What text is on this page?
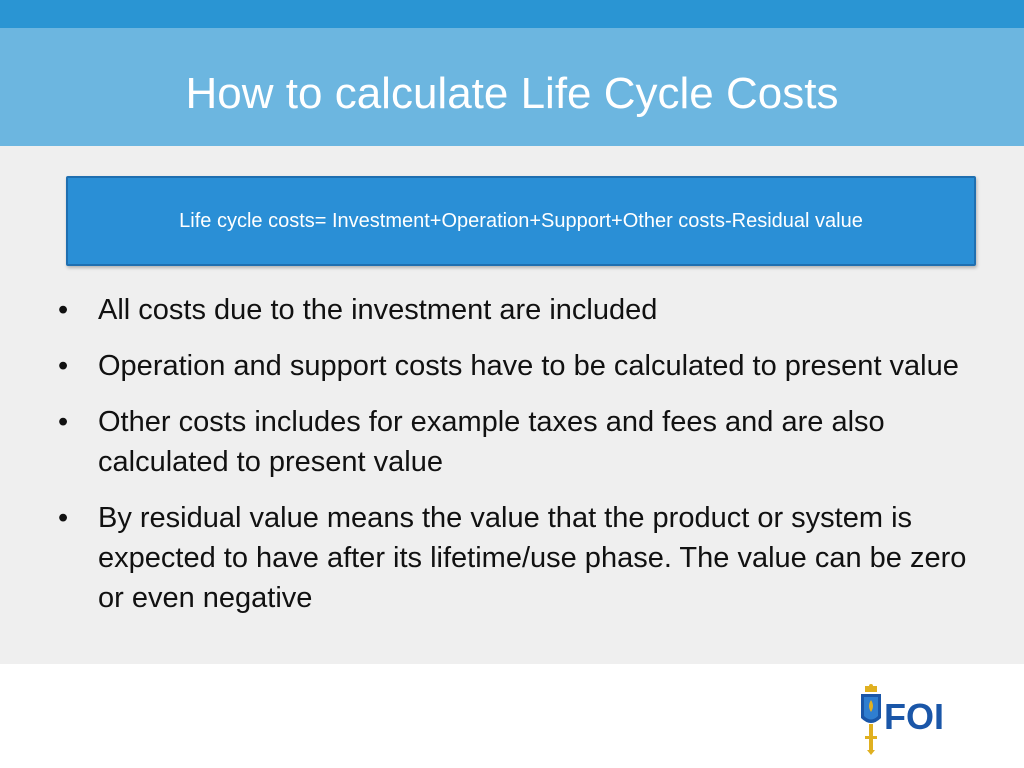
How to calculate Life Cycle Costs
Life cycle costs= Investment+Operation+Support+Other costs-Residual value
• All costs due to the investment are included
• Operation and support costs have to be calculated to present value
• Other costs includes for example taxes and fees and are also calculated to present value
• By residual value means the value that the product or system is expected to have after its lifetime/use phase. The value can be zero or even negative
FOI
